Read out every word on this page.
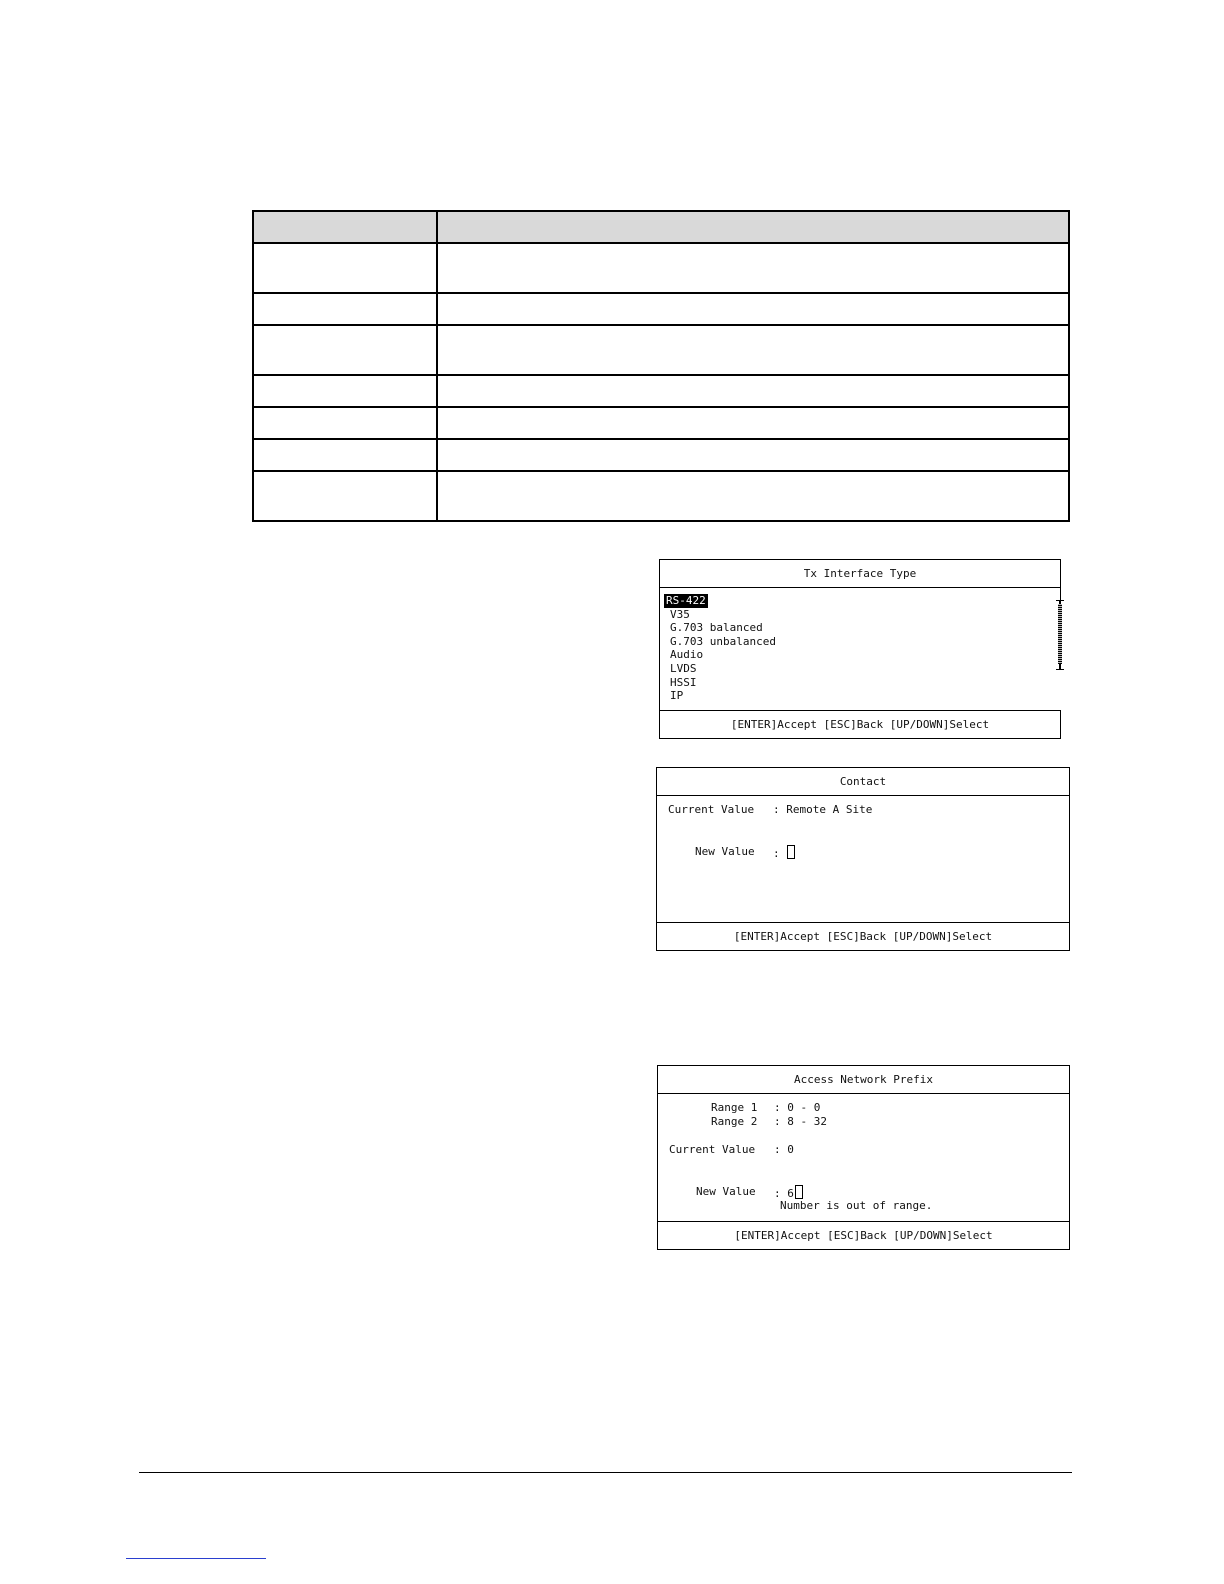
Tx Interface Type
RS-422
V35
G.703 balanced
G.703 unbalanced
Audio
LVDS
HSSI
IP
[ENTER]Accept [ESC]Back [UP/DOWN]Select
Contact
Current Value : Remote A Site
New Value :
[ENTER]Accept [ESC]Back [UP/DOWN]Select
Access Network Prefix
Range 1 : 0 - 0
Range 2 : 8 - 32
Current Value : 0
New Value : 6
Number is out of range.
[ENTER]Accept [ESC]Back [UP/DOWN]Select
